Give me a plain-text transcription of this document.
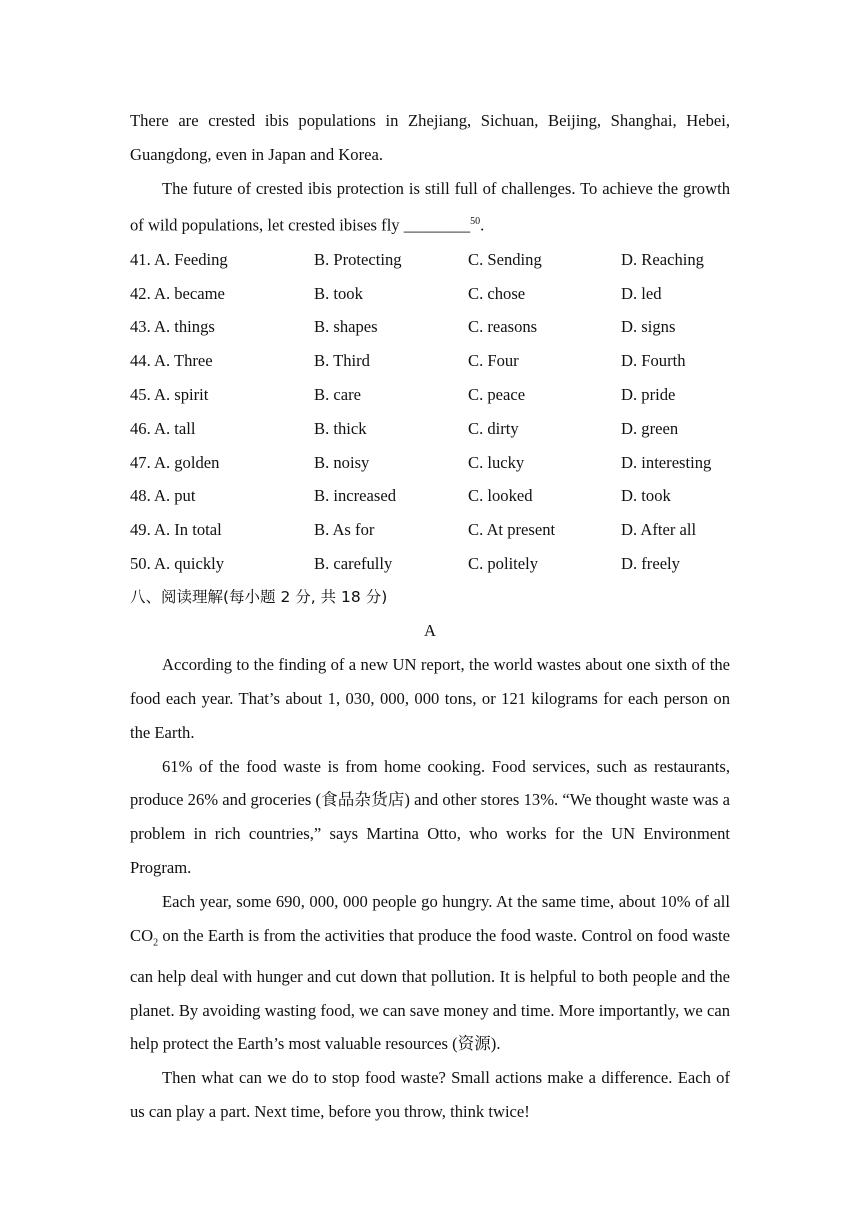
There are crested ibis populations in Zhejiang, Sichuan, Beijing, Shanghai, Hebei, Guangdong, even in Japan and Korea.
The future of crested ibis protection is still full of challenges. To achieve the growth of wild populations, let crested ibises fly ________$^{50}$.
41. A. Feeding	B. Protecting	C. Sending	D. Reaching
42. A. became	B. took	C. chose	D. led
43. A. things	B. shapes	C. reasons	D. signs
44. A. Three	B. Third	C. Four	D. Fourth
45. A. spirit	B. care	C. peace	D. pride
46. A. tall	B. thick	C. dirty	D. green
47. A. golden	B. noisy	C. lucky	D. interesting
48. A. put	B. increased	C. looked	D. took
49. A. In total	B. As for	C. At present	D. After all
50. A. quickly	B. carefully	C. politely	D. freely
八、阅读理解(每小题 2 分, 共 18 分)
A
According to the finding of a new UN report, the world wastes about one sixth of the food each year. That’s about 1, 030, 000, 000 tons, or 121 kilograms for each person on the Earth.
61% of the food waste is from home cooking. Food services, such as restaurants, produce 26% and groceries (食品杂货店) and other stores 13%. “We thought waste was a problem in rich countries,” says Martina Otto, who works for the UN Environment Program.
Each year, some 690, 000, 000 people go hungry. At the same time, about 10% of all $CO_2$ on the Earth is from the activities that produce the food waste. Control on food waste can help deal with hunger and cut down that pollution. It is helpful to both people and the planet. By avoiding wasting food, we can save money and time. More importantly, we can help protect the Earth’s most valuable resources (资源).
Then what can we do to stop food waste? Small actions make a difference. Each of us can play a part. Next time, before you throw, think twice!
